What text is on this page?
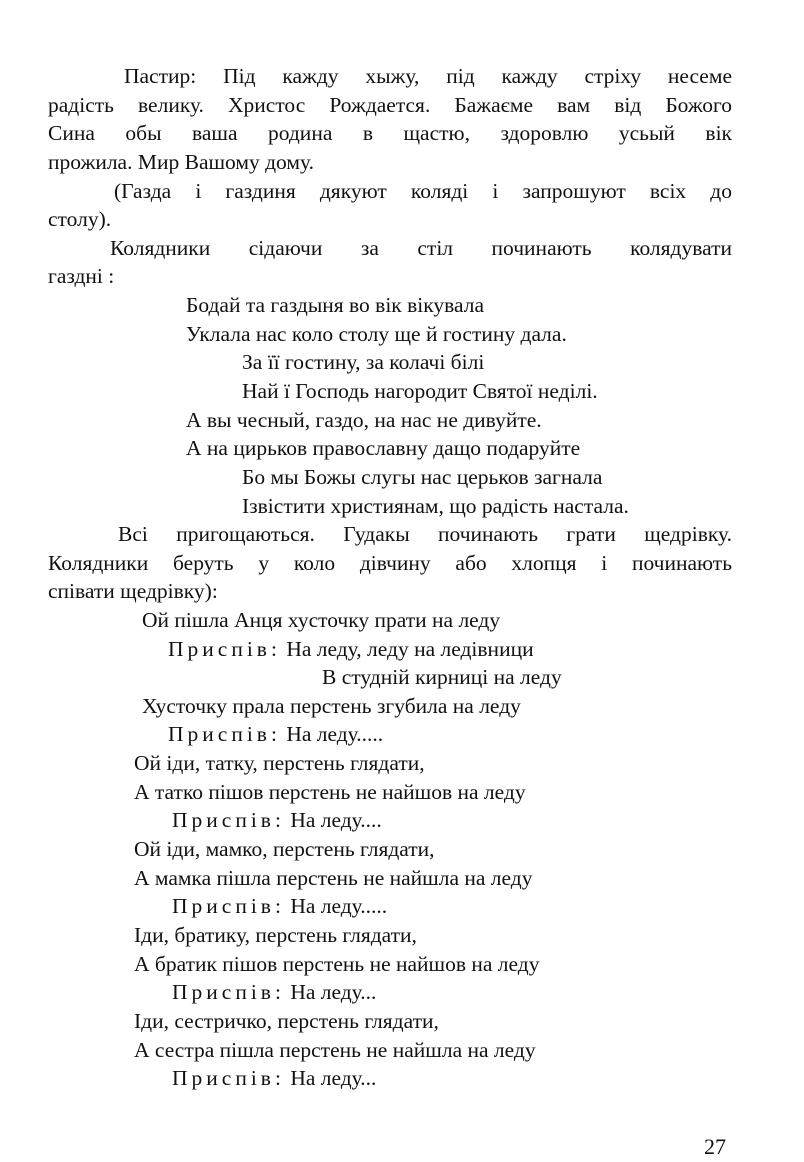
Пастир: Під кажду хыжу, під кажду стріху несеме
радість велику. Христос Рождается. Бажаєме вам від Божого
Сина обы ваша родина в щастю, здоровлю усьый вік
прожила. Мир Вашому дому.
(Газда і газдиня дякуют коляді і запрошуют всіх до
столу).
Колядники сідаючи за стіл починають колядувати
газдні :
Бодай та газдыня во вік вікувала
Уклала нас коло столу ще й гостину дала.
За її гостину, за колачі білі
Най ї Господь нагородит Святої неділі.
А вы чесный, газдо, на нас не дивуйте.
А на цирьков православну дащо подаруйте
Бо мы Божы слугы нас церьков загнала
Ізвістити християнам, що радість настала.
Всі пригощаються. Гудакы починають грати щедрівку.
Колядники беруть у коло дівчину або хлопця і починають
співати щедрівку):
Ой пішла Анця хусточку прати на леду
Приспів: На леду, леду на ледівници
В студній кирниці на леду
Хусточку прала перстень згубила на леду
Приспів: На леду.....
Ой іди, татку, перстень глядати,
А татко пішов перстень не найшов на леду
Приспів: На леду....
Ой іди, мамко, перстень глядати,
А мамка пішла перстень не найшла на леду
Приспів: На леду.....
Іди, братику, перстень глядати,
А братик пішов перстень не найшов на леду
Приспів: На леду...
Іди, сестричко, перстень глядати,
А сестра пішла перстень не найшла на леду
Приспів: На леду...
27
